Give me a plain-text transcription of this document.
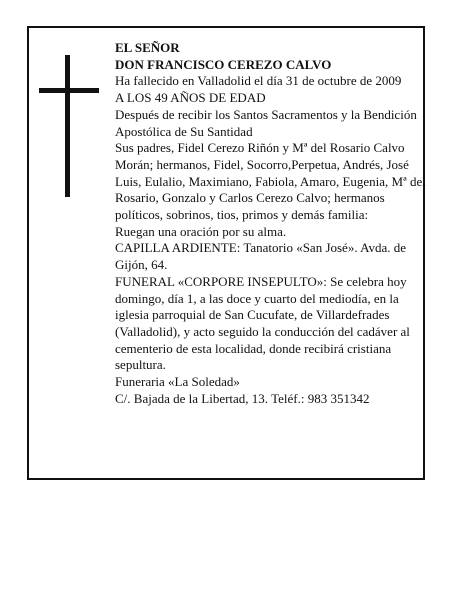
EL SEÑOR

DON FRANCISCO CEREZO CALVO

Ha fallecido en Valladolid el día 31 de octubre de 2009

A LOS 49 AÑOS DE EDAD

Después de recibir los Santos Sacramentos y la Bendición Apostólica de Su Santidad

Sus padres, Fidel Cerezo Riñón y Mª del Rosario Calvo Morán; hermanos, Fidel, Socorro,Perpetua, Andrés, José Luis, Eulalio, Maximiano, Fabiola, Amaro, Eugenia, Mª del Rosario, Gonzalo y Carlos Cerezo Calvo; hermanos políticos, sobrinos, tios, primos y demás familia:

Ruegan una oración por su alma.

CAPILLA ARDIENTE: Tanatorio «San José». Avda. de Gijón, 64.

FUNERAL «CORPORE INSEPULTO»: Se celebra hoy domingo, día 1, a las doce y cuarto del mediodía, en la iglesia parroquial de San Cucufate, de Villardefrades (Valladolid), y acto seguido la conducción del cadáver al cementerio de esta localidad, donde recibirá cristiana sepultura.

Funeraria «La Soledad»

C/. Bajada de la Libertad, 13. Teléf.: 983 351342
